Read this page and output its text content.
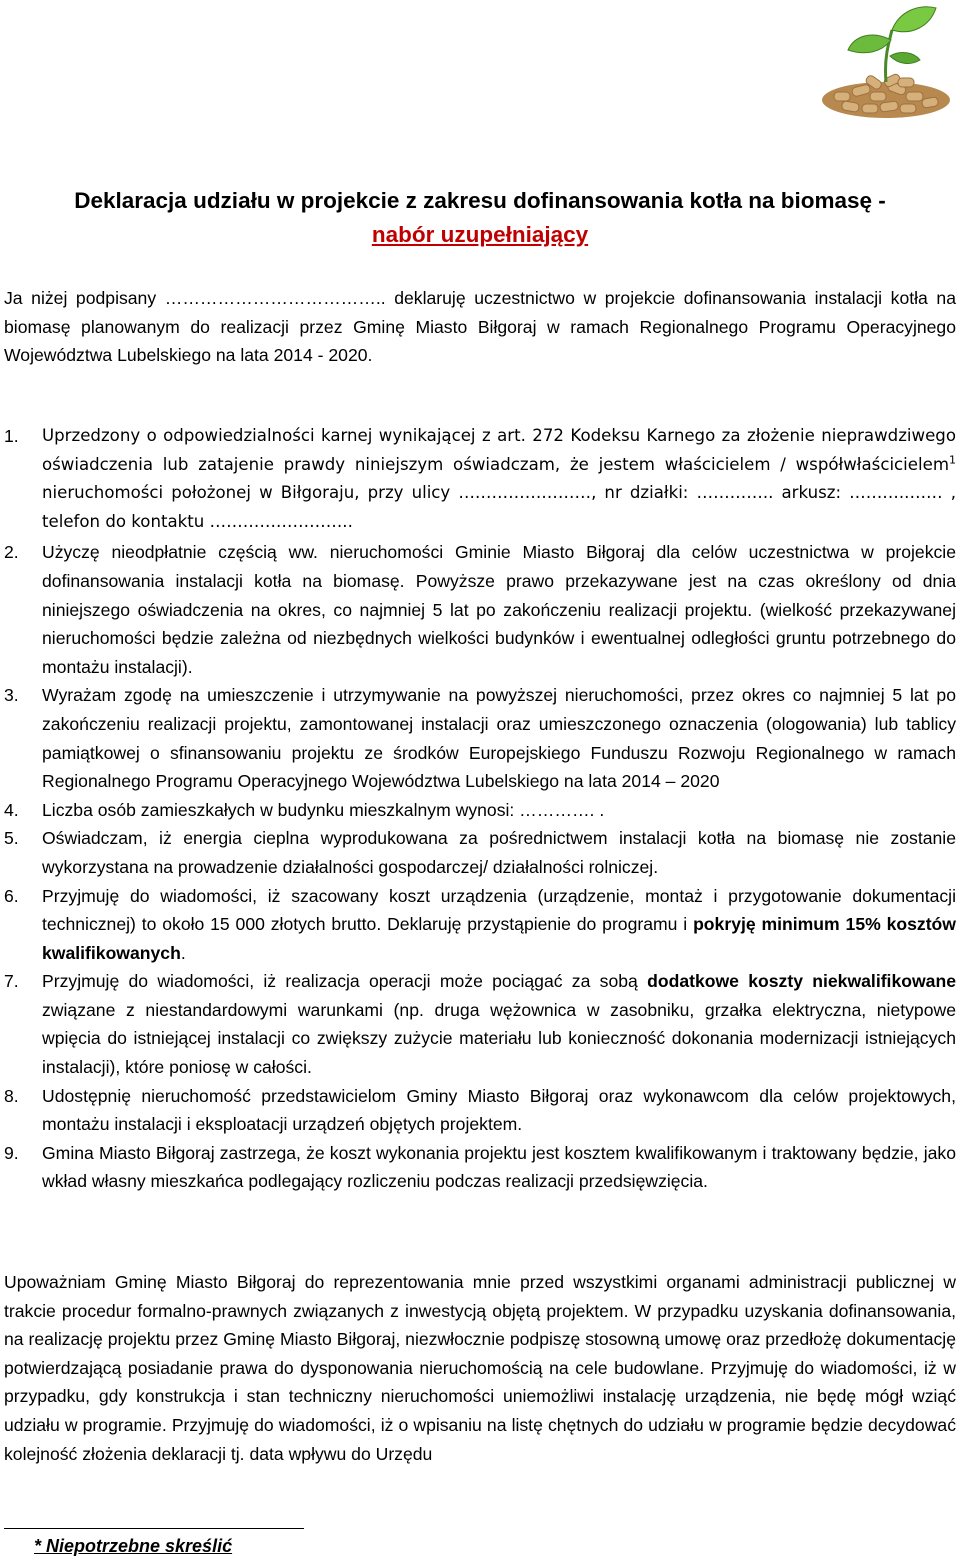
Deklaracja udziału w projekcie z zakresu dofinansowania kotła na biomasę -
nabór uzupełniający
Ja niżej podpisany ……………………………….. deklaruję uczestnictwo w projekcie dofinansowania instalacji kotła na biomasę planowanym do realizacji przez Gminę Miasto Biłgoraj w ramach Regionalnego Programu Operacyjnego Województwa Lubelskiego na lata 2014 - 2020.
1.	Uprzedzony o odpowiedzialności karnej wynikającej z art. 272 Kodeksu Karnego za złożenie nieprawdziwego oświadczenia lub zatajenie prawdy niniejszym oświadczam, że jestem właścicielem / współwłaścicielem$^1$ nieruchomości położonej w Biłgoraju, przy ulicy ……………………, nr działki: ………….. arkusz: ………..…… , telefon do kontaktu ……………………..
2.	Użyczę nieodpłatnie częścią ww. nieruchomości Gminie Miasto Biłgoraj dla celów uczestnictwa w projekcie dofinansowania instalacji kotła na biomasę. Powyższe prawo przekazywane jest na czas określony od dnia niniejszego oświadczenia na okres, co najmniej 5 lat po zakończeniu realizacji projektu. (wielkość przekazywanej nieruchomości będzie zależna od niezbędnych wielkości budynków i ewentualnej odległości gruntu potrzebnego do montażu instalacji).
3.	Wyrażam zgodę na umieszczenie i utrzymywanie na powyższej nieruchomości, przez okres co najmniej 5 lat po zakończeniu realizacji projektu, zamontowanej instalacji oraz umieszczonego oznaczenia (ologowania) lub tablicy pamiątkowej o sfinansowaniu projektu ze środków Europejskiego Funduszu Rozwoju Regionalnego w ramach Regionalnego Programu Operacyjnego Województwa Lubelskiego na lata 2014 – 2020
4.	Liczba osób zamieszkałych w budynku mieszkalnym wynosi: …………. .
5.	Oświadczam, iż energia cieplna wyprodukowana za pośrednictwem instalacji kotła na biomasę nie zostanie wykorzystana na prowadzenie działalności gospodarczej/ działalności rolniczej.
6.	Przyjmuję do wiadomości, iż szacowany koszt urządzenia (urządzenie, montaż i przygotowanie dokumentacji technicznej) to około 15 000 złotych brutto. Deklaruję przystąpienie do programu i pokryję minimum 15% kosztów kwalifikowanych.
7.	Przyjmuję do wiadomości, iż realizacja operacji może pociągać za sobą dodatkowe koszty niekwalifikowane związane z niestandardowymi warunkami (np. druga wężownica w zasobniku, grzałka elektryczna, nietypowe wpięcia do istniejącej instalacji co zwiększy zużycie materiału lub konieczność dokonania modernizacji istniejących instalacji), które poniosę w całości.
8.	Udostępnię nieruchomość przedstawicielom Gminy Miasto Biłgoraj oraz wykonawcom dla celów projektowych, montażu instalacji i eksploatacji urządzeń objętych projektem.
9.	Gmina Miasto Biłgoraj zastrzega, że koszt wykonania projektu jest kosztem kwalifikowanym i traktowany będzie, jako wkład własny mieszkańca podlegający rozliczeniu podczas realizacji przedsięwzięcia.
Upoważniam Gminę Miasto Biłgoraj do reprezentowania mnie przed wszystkimi organami administracji publicznej w trakcie procedur formalno-prawnych związanych z inwestycją objętą projektem. W przypadku uzyskania dofinansowania, na realizację projektu przez Gminę Miasto Biłgoraj, niezwłocznie podpiszę stosowną umowę oraz przedłożę dokumentację potwierdzającą posiadanie prawa do dysponowania nieruchomością na cele budowlane. Przyjmuję do wiadomości, iż w przypadku, gdy konstrukcja i stan techniczny nieruchomości uniemożliwi instalację urządzenia, nie będę mógł wziąć udziału w programie. Przyjmuję do wiadomości, iż o wpisaniu na listę chętnych do udziału w programie będzie decydować kolejność złożenia deklaracji tj. data wpływu do Urzędu
* Niepotrzebne skreślić
